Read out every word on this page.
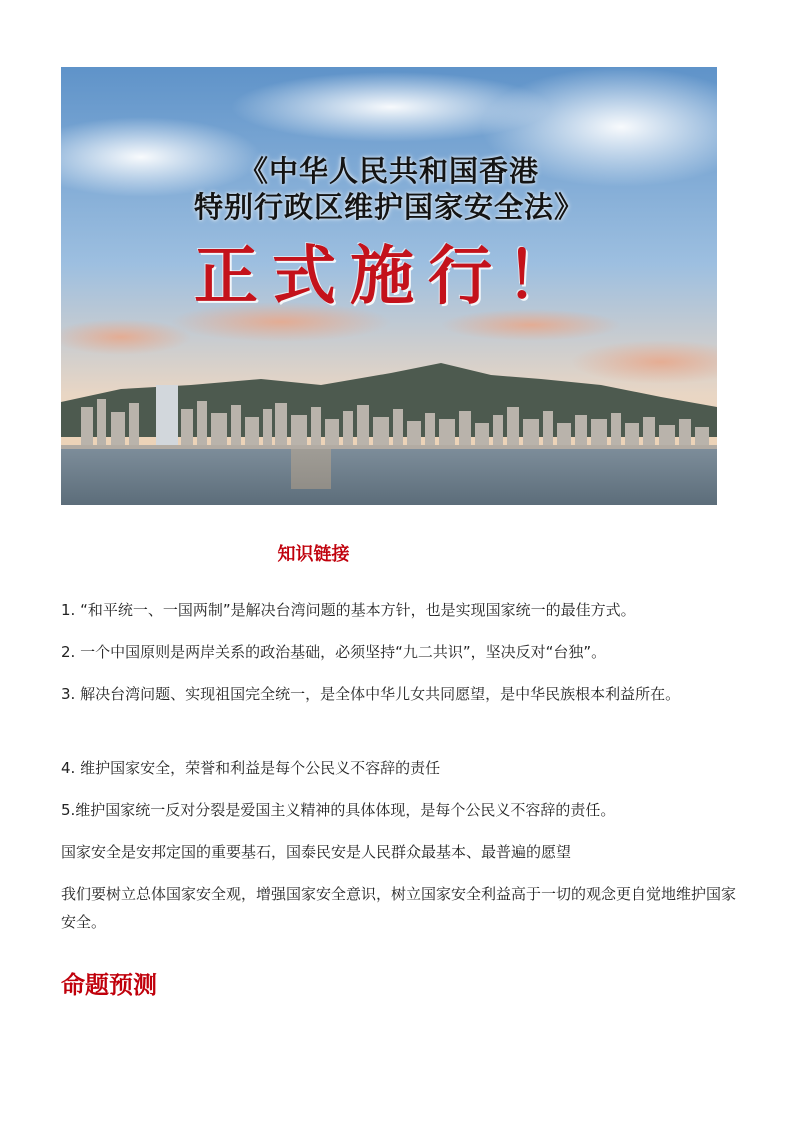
《中华人民共和国香港
特别行政区维护国家安全法》
正式施行！
知识链接
1. “和平统一、一国两制”是解决台湾问题的基本方针，也是实现国家统一的最佳方式。
2. 一个中国原则是两岸关系的政治基础，必须坚持“九二共识”，坚决反对“台独”。
3. 解决台湾问题、实现祖国完全统一，是全体中华儿女共同愿望，是中华民族根本利益所在。
4. 维护国家安全，荣誉和利益是每个公民义不容辞的责任
5.维护国家统一反对分裂是爱国主义精神的具体体现，是每个公民义不容辞的责任。
国家安全是安邦定国的重要基石，国泰民安是人民群众最基本、最普遍的愿望
我们要树立总体国家安全观，增强国家安全意识，树立国家安全利益高于一切的观念更自觉地维护国家安全。
命题预测
